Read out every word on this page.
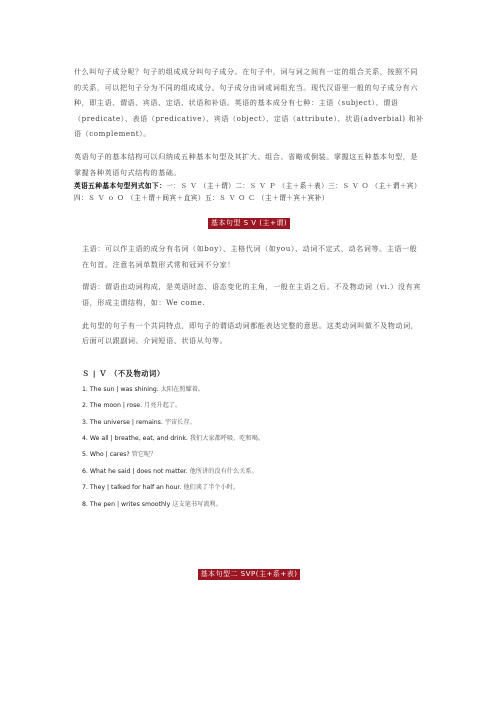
什么叫句子成分呢？句子的组成成分叫句子成分。在句子中，词与词之间有一定的组合关系，按照不同的关系，可以把句子分为不同的组成成分。句子成分由词或词组充当。现代汉语里一般的句子成分有六种，即主语、谓语、宾语、定语、状语和补语。英语的基本成分有七种：主语（subject）、谓语（predicate）、表语（predicative）、宾语（object）、定语（attribute）、状语(adverbial) 和补语（complement）。

英语句子的基本结构可以归纳成五种基本句型及其扩大、组合、省略或倒装。掌握这五种基本句型，是掌握各种英语句式结构的基础。

英语五种基本句型列式如下：一：Ｓ Ｖ （主＋谓）二：Ｓ Ｖ Ｐ （主＋系＋表）三：Ｓ Ｖ Ｏ （主＋谓＋宾）四：Ｓ Ｖ ｏ Ｏ （主＋谓＋间宾＋直宾）五：Ｓ Ｖ Ｏ Ｃ （主＋谓＋宾＋宾补）

基本句型 S V (主+谓)

主语：可以作主语的成分有名词（如boy）、主格代词（如you）、动词不定式，动名词等。主语一般在句首。注意名词单数形式常和冠词不分家！

谓语：谓语由动词构成，是英语时态、语态变化的主角，一般在主语之后。不及物动词（vi.）没有宾语，形成主谓结构，如：We come.

此句型的句子有一个共同特点，即句子的谓语动词都能表达完整的意思。这类动词叫做不及物动词，后面可以跟副词、介词短语、状语从句等。

Ｓ | Ｖ （不及物动词）
1. The sun | was shining. 太阳在照耀着。
2. The moon | rose. 月亮升起了。
3. The universe | remains. 宇宙长存。
4. We all | breathe, eat, and drink. 我们大家都呼吸、吃和喝。
5. Who | cares? 管它呢？
6. What he said | does not matter. 他所讲的没有什么关系。
7. They | talked for half an hour. 他们谈了半个小时。
8. The pen | writes smoothly 这支笔书写流利。
基本句型二 SVP(主+系+表)
